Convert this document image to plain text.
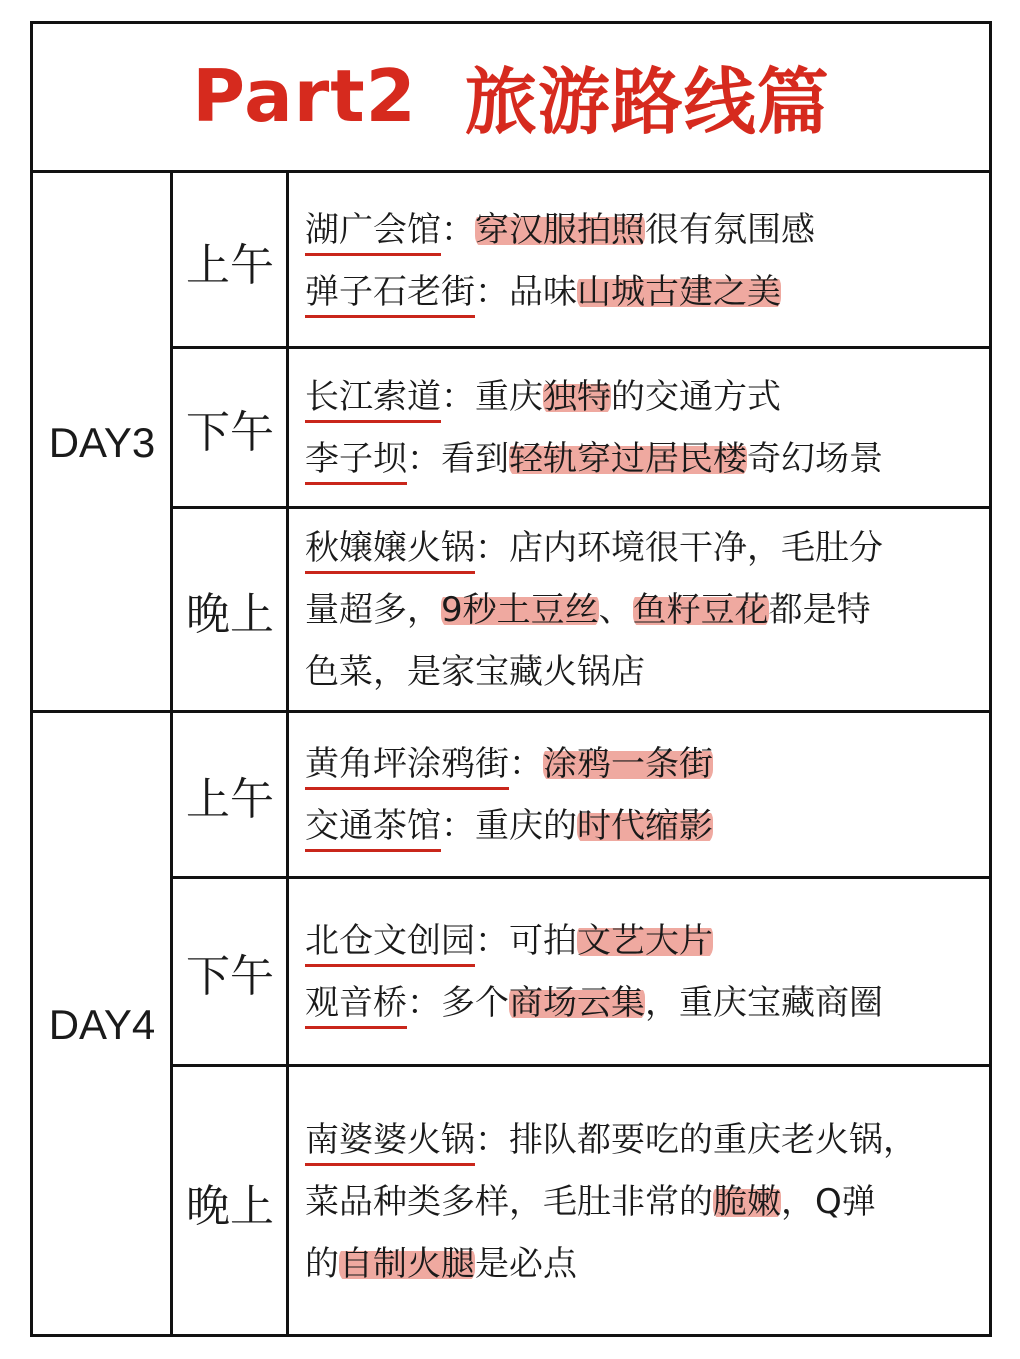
Part2 旅游路线篇
DAY3
DAY4
上午
下午
晚上
上午
下午
晚上
湖广会馆：穿汉服拍照很有氛围感
弹子石老街：品味山城古建之美
长江索道：重庆独特的交通方式
李子坝：看到轻轨穿过居民楼奇幻场景
秋嬢嬢火锅：店内环境很干净，毛肚分
量超多，9秒土豆丝、鱼籽豆花都是特
色菜，是家宝藏火锅店
黄角坪涂鸦街：涂鸦一条街
交通茶馆：重庆的时代缩影
北仓文创园：可拍文艺大片
观音桥：多个商场云集，重庆宝藏商圈
南婆婆火锅：排队都要吃的重庆老火锅，
菜品种类多样，毛肚非常的脆嫩，Q弹
的自制火腿是必点
